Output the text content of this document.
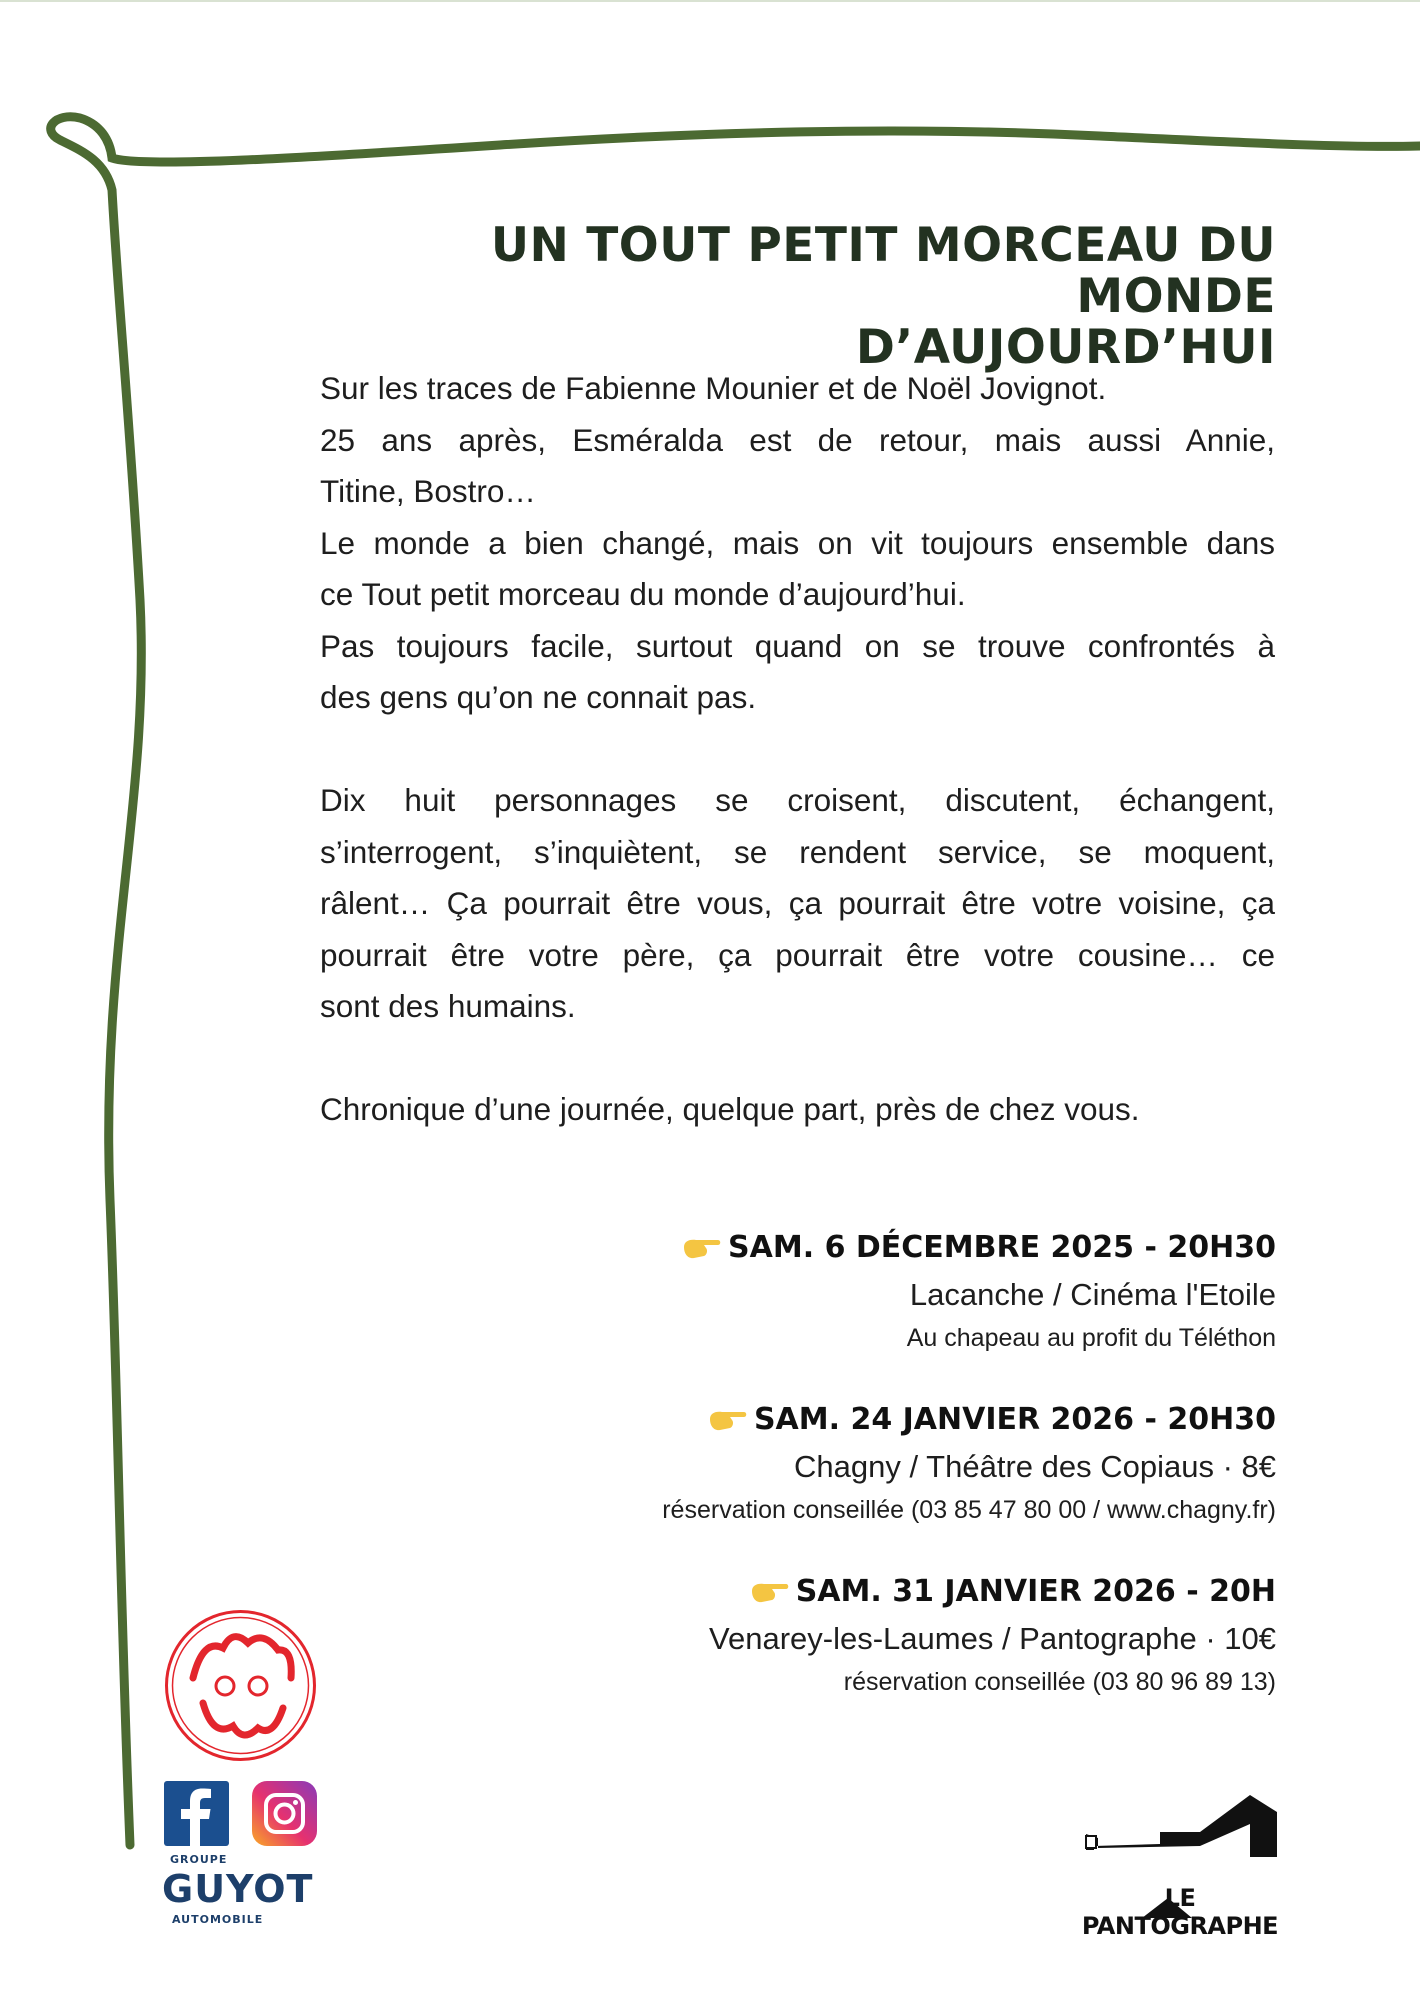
UN TOUT PETIT MORCEAU DU MONDE
D’AUJOURD’HUI

Sur les traces de Fabienne Mounier et de Noël Jovignot.

25 ans après, Esméralda est de retour, mais aussi Annie,

Titine, Bostro…

Le monde a bien changé, mais on vit toujours ensemble dans

ce Tout petit morceau du monde d’aujourd’hui.

Pas toujours facile, surtout quand on se trouve confrontés à

des gens qu’on ne connait pas.

Dix huit personnages se croisent, discutent, échangent,

s’interrogent, s’inquiètent, se rendent service, se moquent,

râlent… Ça pourrait être vous, ça pourrait être votre voisine, ça

pourrait être votre père, ça pourrait être votre cousine… ce

sont des humains.

Chronique d’une journée, quelque part, près de chez vous.

SAM. 6 DÉCEMBRE 2025 - 20H30
Lacanche / Cinéma l'Etoile
Au chapeau au profit du Téléthon
SAM. 24 JANVIER 2026 - 20H30
Chagny / Théâtre des Copiaus · 8€
réservation conseillée (03 85 47 80 00 / www.chagny.fr)
SAM. 31 JANVIER 2026 - 20H
Venarey-les-Laumes / Pantographe · 10€
réservation conseillée (03 80 96 89 13)
GROUPE
GUYOT
AUTOMOBILE
LE PANTOGRAPHE
